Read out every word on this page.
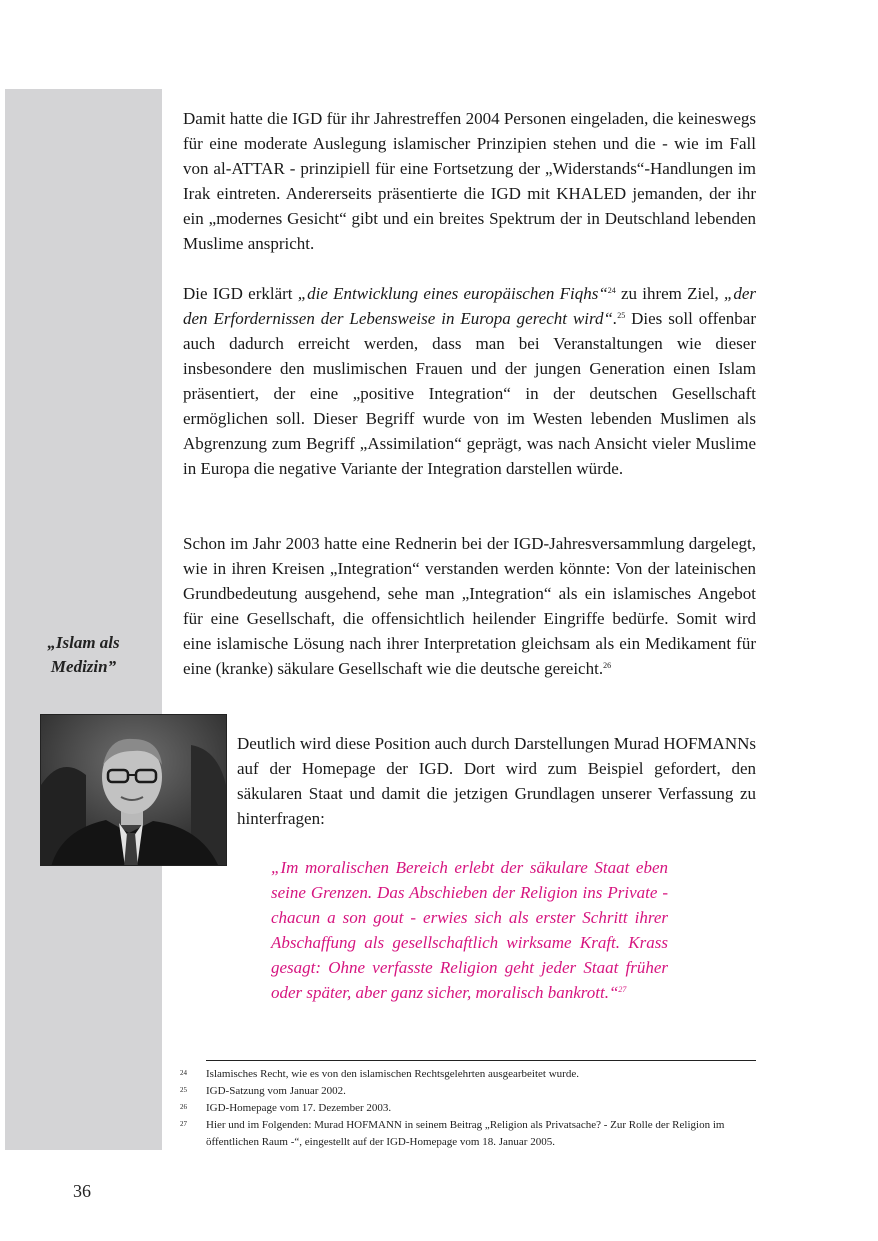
Damit hatte die IGD für ihr Jahrestreffen 2004 Personen eingeladen, die keineswegs für eine moderate Auslegung islamischer Prinzipien stehen und die - wie im Fall von al-ATTAR - prinzipiell für eine Fortsetzung der „Widerstands“-Handlungen im Irak eintreten. Andererseits präsentierte die IGD mit KHALED jemanden, der ihr ein „modernes Gesicht“ gibt und ein breites Spektrum der in Deutschland lebenden Muslime anspricht.

Die IGD erklärt „die Entwicklung eines europäischen Fiqhs“$^{24}$ zu ihrem Ziel, „der den Erfordernissen der Lebensweise in Europa gerecht wird“.$^{25}$ Dies soll offenbar auch dadurch erreicht werden, dass man bei Veranstaltungen wie dieser insbesondere den muslimischen Frauen und der jungen Generation einen Islam präsentiert, der eine „positive Integration“ in der deutschen Gesellschaft ermöglichen soll. Dieser Begriff wurde von im Westen lebenden Muslimen als Abgrenzung zum Begriff „Assimilation“ geprägt, was nach Ansicht vieler Muslime in Europa die negative Variante der Integration darstellen würde.

Schon im Jahr 2003 hatte eine Rednerin bei der IGD-Jahresversammlung dargelegt, wie in ihren Kreisen „Integration“ verstanden werden könnte: Von der lateinischen Grundbedeutung ausgehend, sehe man „Integration“ als ein islamisches Angebot für eine Gesellschaft, die offensichtlich heilender Eingriffe bedürfe. Somit wird eine islamische Lösung nach ihrer Interpretation gleichsam als ein Medikament für eine (kranke) säkulare Gesellschaft wie die deutsche gereicht.$^{26}$

„Islam als
Medizin”

Deutlich wird diese Position auch durch Darstellungen Murad HOFMANNs auf der Homepage der IGD. Dort wird zum Beispiel gefordert, den säkularen Staat und damit die jetzigen Grundlagen unserer Verfassung zu hinterfragen:

„Im moralischen Bereich erlebt der säkulare Staat eben seine Grenzen. Das Abschieben der Religion ins Private - chacun a son gout - erwies sich als erster Schritt ihrer Abschaffung als gesellschaftlich wirksame Kraft. Krass gesagt: Ohne verfasste Religion geht jeder Staat früher oder später, aber ganz sicher, moralisch bankrott.“$^{27}$

24	Islamisches Recht, wie es von den islamischen Rechtsgelehrten ausgearbeitet wurde.
25	IGD-Satzung vom Januar 2002.
26	IGD-Homepage vom 17. Dezember 2003.
27	Hier und im Folgenden: Murad HOFMANN in seinem Beitrag „Religion als Privatsache? - Zur Rolle der Religion im öffentlichen Raum -“, eingestellt auf der IGD-Homepage vom 18. Januar 2005.
36
